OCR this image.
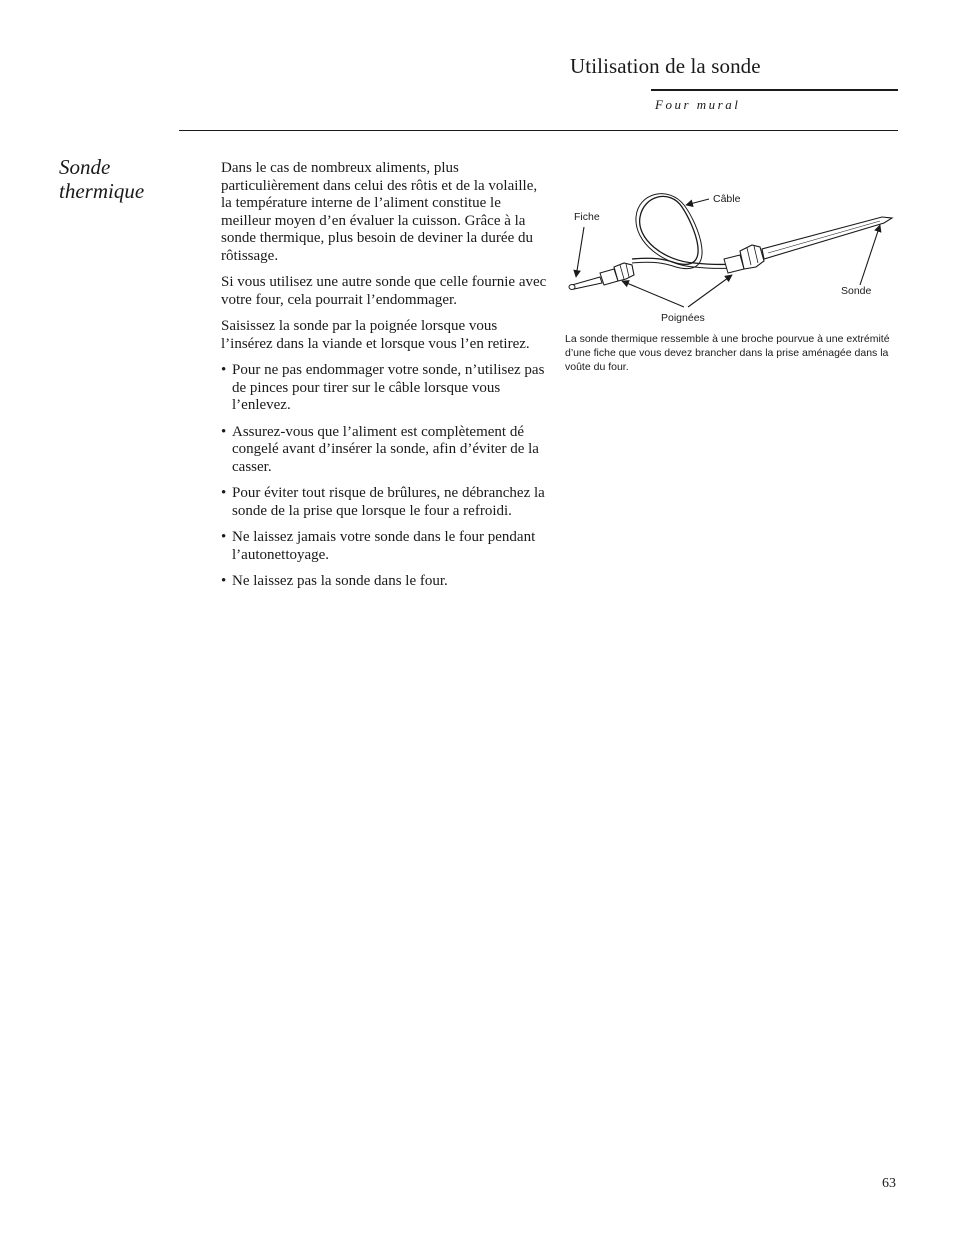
Utilisation de la sonde
Four mural
Sonde thermique

Dans le cas de nombreux aliments, plus particulièrement dans celui des rôtis et de la volaille, la température interne de l’aliment constitue le meilleur moyen d’en évaluer la cuisson. Grâce à la sonde thermique, plus besoin de deviner la durée du rôtissage.

Si vous utilisez une autre sonde que celle fournie avec votre four, cela pourrait l’endommager.

Saisissez la sonde par la poignée lorsque vous l’insérez dans la viande et lorsque vous l’en retirez.

• Pour ne pas endommager votre sonde, n’utilisez pas de pinces pour tirer sur le câble lorsque vous l’enlevez.
• Assurez-vous que l’aliment est complètement dé congelé avant d’insérer la sonde, afin d’éviter de la casser.
• Pour éviter tout risque de brûlures, ne débranchez la sonde de la prise que lorsque le four a refroidi.
• Ne laissez jamais votre sonde dans le four pendant l’autonettoyage.
• Ne laissez pas la sonde dans le four.
Câble
Fiche
Sonde
Poignées
La sonde thermique ressemble à une broche pourvue à une extrémité d’une fiche que vous devez brancher dans la prise aménagée dans la voûte du four.
63
